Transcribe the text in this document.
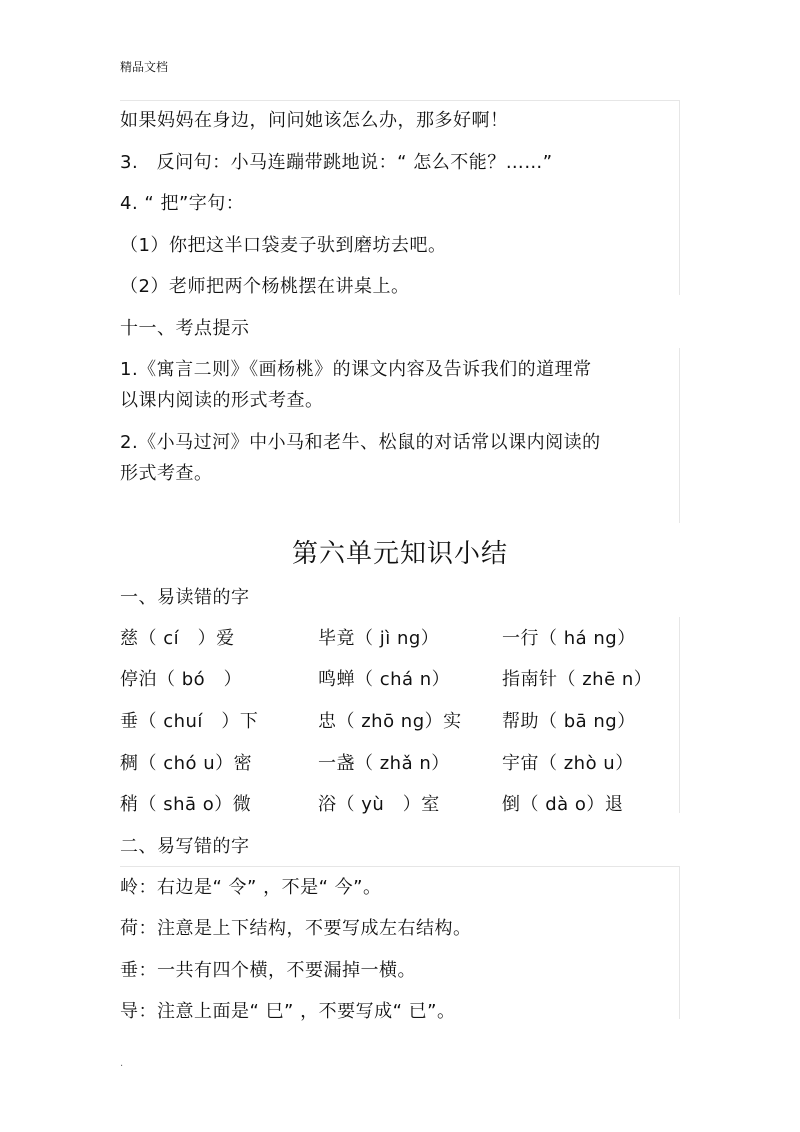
精品文档
如果妈妈在身边，问问她该怎么办，那多好啊！
3.　反问句：小马连蹦带跳地说：“ 怎么不能？……”
4. “ 把”字句：
（1）你把这半口袋麦子驮到磨坊去吧。
（2）老师把两个杨桃摆在讲桌上。
十一、考点提示
1.《寓言二则》《画杨桃》的课文内容及告诉我们的道理常
以课内阅读的形式考查。
2.《小马过河》中小马和老牛、松鼠的对话常以课内阅读的
形式考查。
第六单元知识小结
一、易读错的字
慈（ cí　）爱	毕竟（ jì ng）	一行（ há ng）
停泊（ bó　）	鸣蝉（ chá n）	指南针（ zhē n）
垂（ chuí　）下	忠（ zhō ng）实 帮助（ bā ng）
稠（ chó u）密	一盏（ zhǎ n）	宇宙（ zhò u）
稍（ shā o）微	浴（ yù　）室	倒（ dà o）退
二、易写错的字
岭：右边是“ 令” ，不是“ 今”。
荷：注意是上下结构，不要写成左右结构。
垂：一共有四个横，不要漏掉一横。
导：注意上面是“ 巳” ，不要写成“ 已”。
.
